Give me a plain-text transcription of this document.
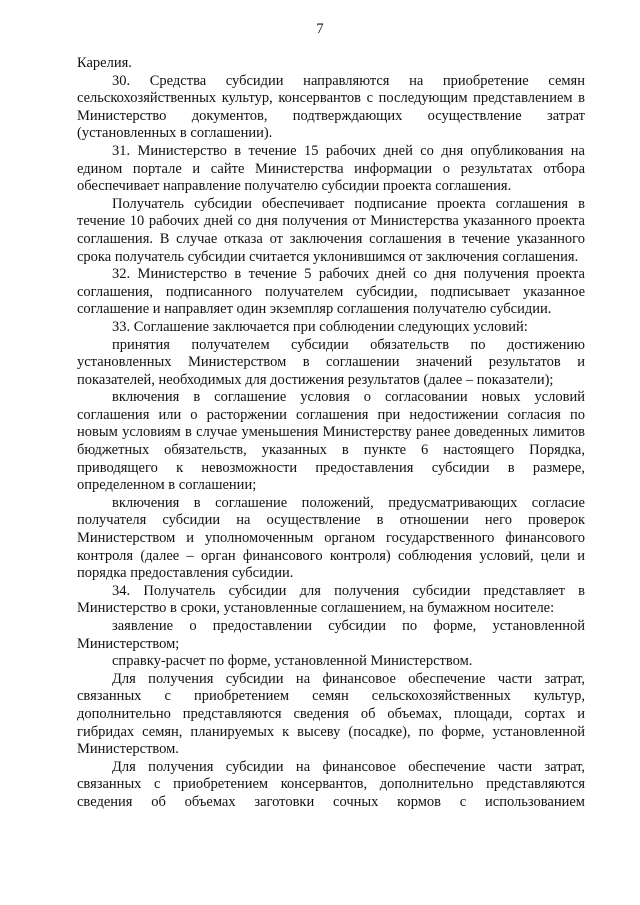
7

Карелия.

30. Средства субсидии направляются на приобретение семян сельскохозяйственных культур, консервантов с последующим представлением в Министерство документов, подтверждающих осуществление затрат (установленных в соглашении).

31. Министерство в течение 15 рабочих дней со дня опубликования на едином портале и сайте Министерства информации о результатах отбора обеспечивает направление получателю субсидии проекта соглашения.

Получатель субсидии обеспечивает подписание проекта соглашения в течение 10 рабочих дней со дня получения от Министерства указанного проекта соглашения. В случае отказа от заключения соглашения в течение указанного срока получатель субсидии считается уклонившимся от заключения соглашения.

32. Министерство в течение 5 рабочих дней со дня получения проекта соглашения, подписанного получателем субсидии, подписывает указанное соглашение и направляет один экземпляр соглашения получателю субсидии.

33. Соглашение заключается при соблюдении следующих условий:

принятия получателем субсидии обязательств по достижению установленных Министерством в соглашении значений результатов и показателей, необходимых для достижения результатов (далее – показатели);

включения в соглашение условия о согласовании новых условий соглашения или о расторжении соглашения при недостижении согласия по новым условиям в случае уменьшения Министерству ранее доведенных лимитов бюджетных обязательств, указанных в пункте 6 настоящего Порядка, приводящего к невозможности предоставления субсидии в размере, определенном в соглашении;

включения в соглашение положений, предусматривающих согласие получателя субсидии на осуществление в отношении него проверок Министерством и уполномоченным органом государственного финансового контроля (далее – орган финансового контроля) соблюдения условий, цели и порядка предоставления субсидии.

34. Получатель субсидии для получения субсидии представляет в Министерство в сроки, установленные соглашением, на бумажном носителе:

заявление о предоставлении субсидии по форме, установленной Министерством;

справку-расчет по форме, установленной Министерством.

Для получения субсидии на финансовое обеспечение части затрат, связанных с приобретением семян сельскохозяйственных культур, дополнительно представляются сведения об объемах, площади, сортах и гибридах семян, планируемых к высеву (посадке), по форме, установленной Министерством.

Для получения субсидии на финансовое обеспечение части затрат, связанных с приобретением консервантов, дополнительно представляются сведения об объемах заготовки сочных кормов с использованием
